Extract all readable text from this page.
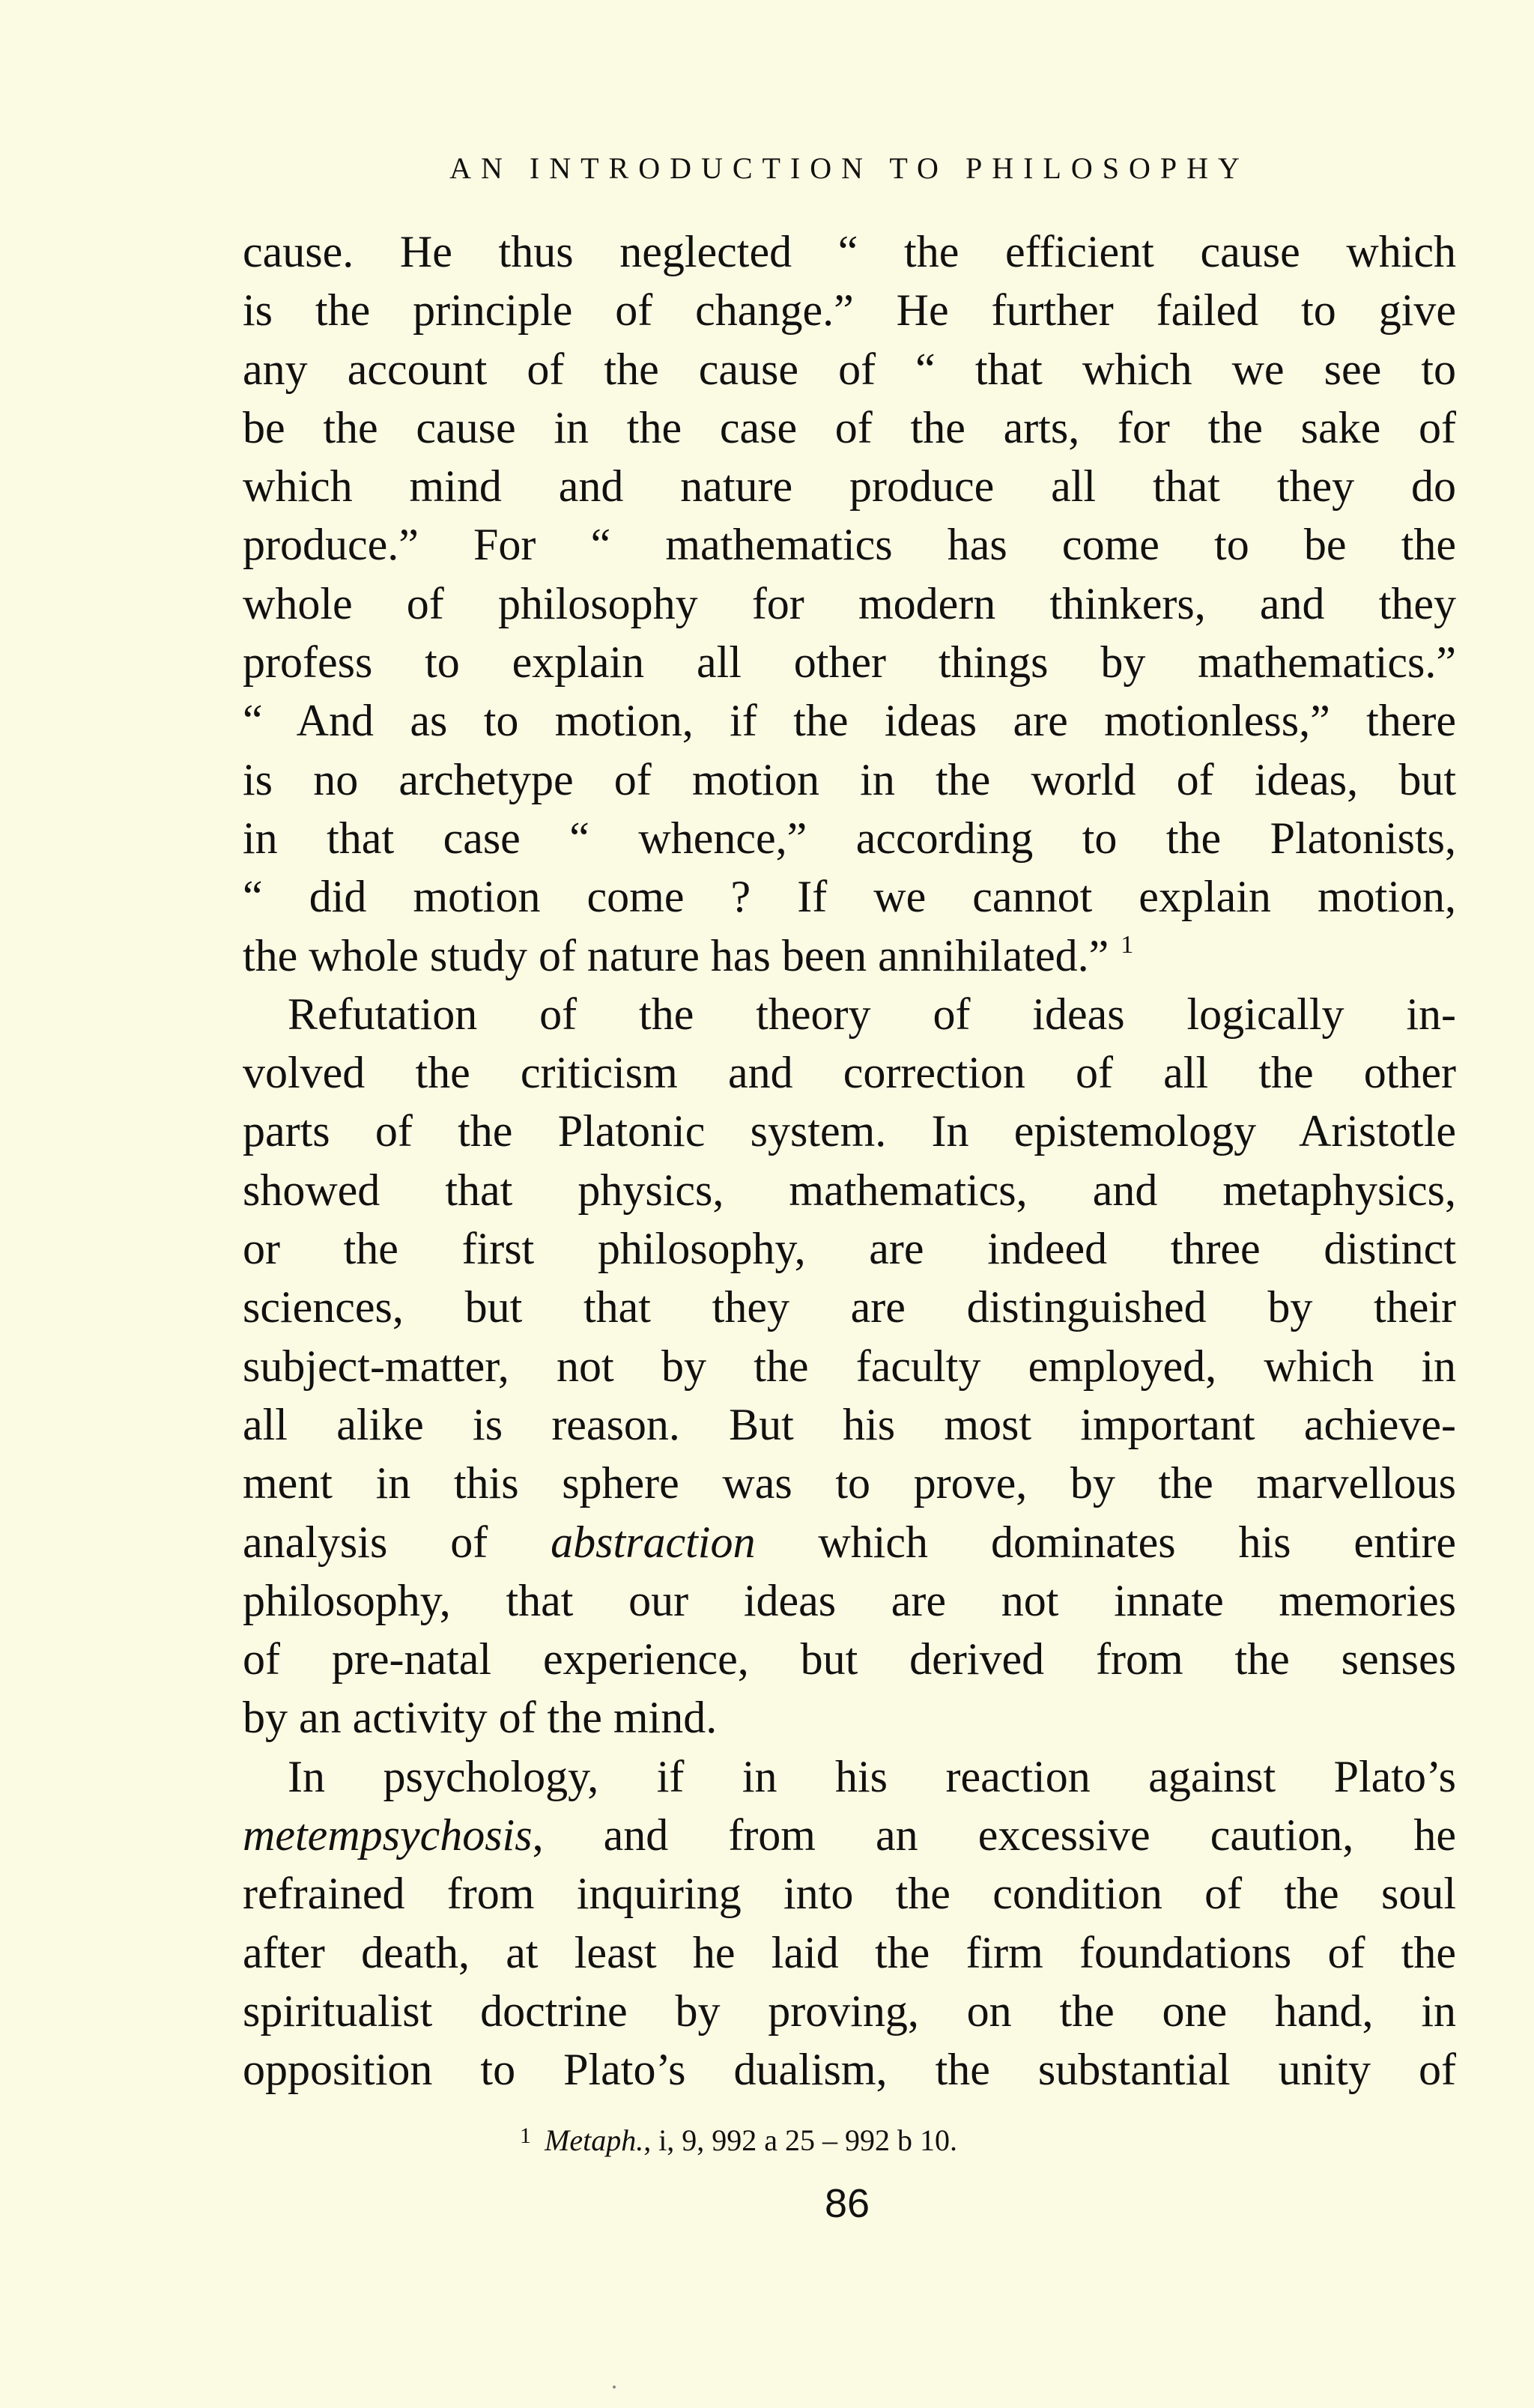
AN INTRODUCTION TO PHILOSOPHY
cause. He thus neglected “ the efficient cause which
is the principle of change.” He further failed to give
any account of the cause of “ that which we see to
be the cause in the case of the arts, for the sake of
which mind and nature produce all that they do
produce.” For “ mathematics has come to be the
whole of philosophy for modern thinkers, and they
profess to explain all other things by mathematics.”
“ And as to motion, if the ideas are motionless,” there
is no archetype of motion in the world of ideas, but
in that case “ whence,” according to the Platonists,
“ did motion come ? If we cannot explain motion,
the whole study of nature has been annihilated.” $^1$
Refutation of the theory of ideas logically in-
volved the criticism and correction of all the other
parts of the Platonic system. In epistemology Aristotle
showed that physics, mathematics, and metaphysics,
or the first philosophy, are indeed three distinct
sciences, but that they are distinguished by their
subject-matter, not by the faculty employed, which in
all alike is reason. But his most important achieve-
ment in this sphere was to prove, by the marvellous
analysis of abstraction which dominates his entire
philosophy, that our ideas are not innate memories
of pre-natal experience, but derived from the senses
by an activity of the mind.
In psychology, if in his reaction against Plato’s
metempsychosis, and from an excessive caution, he
refrained from inquiring into the condition of the soul
after death, at least he laid the firm foundations of the
spiritualist doctrine by proving, on the one hand, in
opposition to Plato’s dualism, the substantial unity of
$^1$ Metaph., i, 9, 992 a 25 – 992 b 10.
86
